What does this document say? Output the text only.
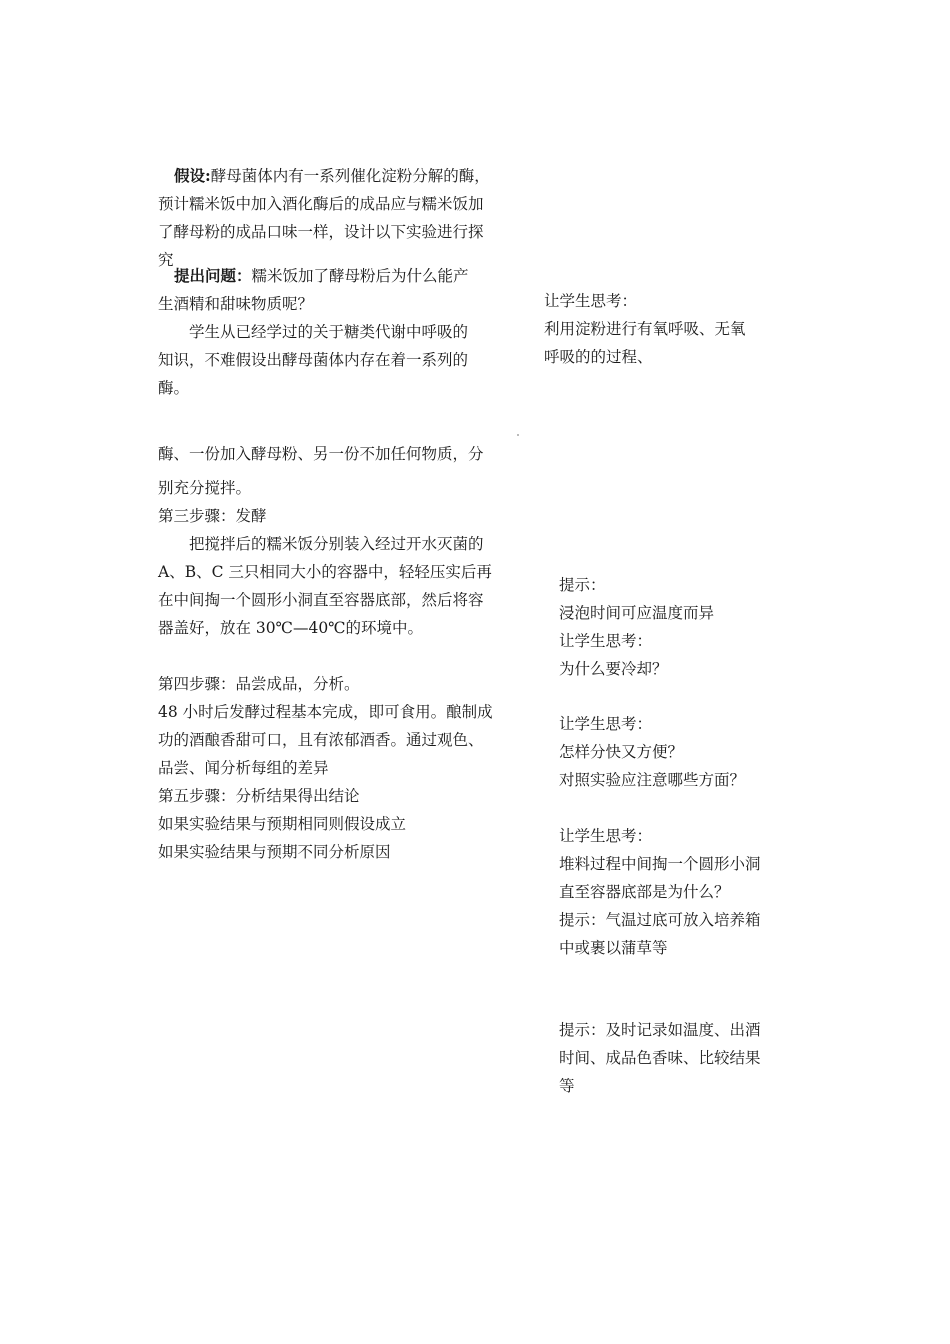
假设:酵母菌体内有一系列催化淀粉分解的酶，
预计糯米饭中加入酒化酶后的成品应与糯米饭加
了酵母粉的成品口味一样，设计以下实验进行探
究
提出问题：糯米饭加了酵母粉后为什么能产
生酒精和甜味物质呢？
学生从已经学过的关于糖类代谢中呼吸的
知识，不难假设出酵母菌体内存在着一系列的
酶。
酶、一份加入酵母粉、另一份不加任何物质，分
别充分搅拌。
第三步骤：发酵
把搅拌后的糯米饭分别装入经过开水灭菌的
A、B、C 三只相同大小的容器中，轻轻压实后再
在中间掏一个圆形小洞直至容器底部，然后将容
器盖好，放在 30℃—40℃的环境中。
第四步骤：品尝成品，分析。
48 小时后发酵过程基本完成，即可食用。酿制成
功的酒酿香甜可口，且有浓郁酒香。通过观色、
品尝、闻分析每组的差异
第五步骤：分析结果得出结论
如果实验结果与预期相同则假设成立
如果实验结果与预期不同分析原因
让学生思考：
利用淀粉进行有氧呼吸、无氧
呼吸的的过程、
提示：
浸泡时间可应温度而异
让学生思考：
为什么要冷却？
让学生思考：
怎样分快又方便？
对照实验应注意哪些方面？
让学生思考：
堆料过程中间掏一个圆形小洞
直至容器底部是为什么？
提示：气温过底可放入培养箱
中或裹以蒲草等
提示：及时记录如温度、出酒
时间、成品色香味、比较结果
等
